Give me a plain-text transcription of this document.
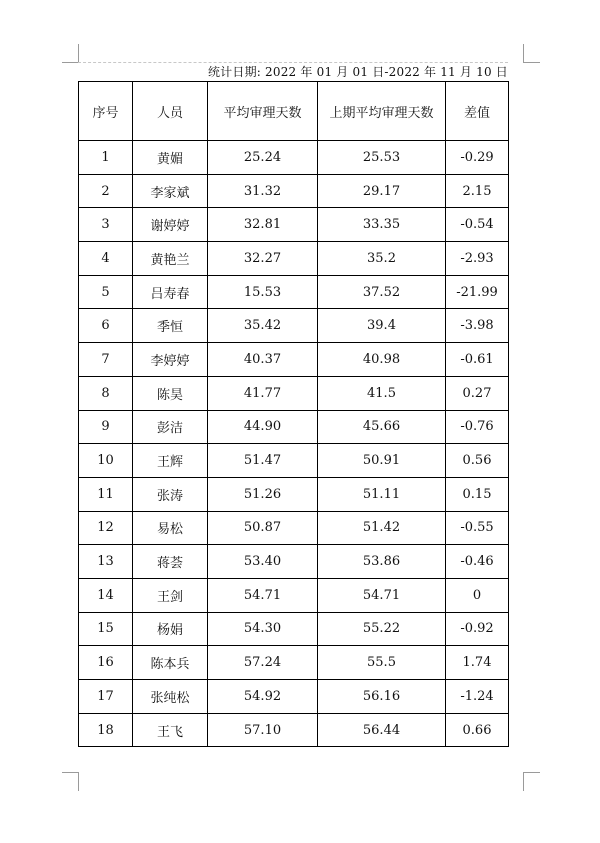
统计日期: 2022 年 01 月 01 日-2022 年 11 月 10 日
序号	人员	平均审理天数	上期平均审理天数	差值
1	黄媚	25.24	25.53	-0.29
2	李家斌	31.32	29.17	2.15
3	谢婷婷	32.81	33.35	-0.54
4	黄艳兰	32.27	35.2	-2.93
5	吕寿春	15.53	37.52	-21.99
6	季恒	35.42	39.4	-3.98
7	李婷婷	40.37	40.98	-0.61
8	陈昊	41.77	41.5	0.27
9	彭洁	44.90	45.66	-0.76
10	王辉	51.47	50.91	0.56
11	张涛	51.26	51.11	0.15
12	易松	50.87	51.42	-0.55
13	蒋荟	53.40	53.86	-0.46
14	王剑	54.71	54.71	0
15	杨娟	54.30	55.22	-0.92
16	陈本兵	57.24	55.5	1.74
17	张纯松	54.92	56.16	-1.24
18	王飞	57.10	56.44	0.66
